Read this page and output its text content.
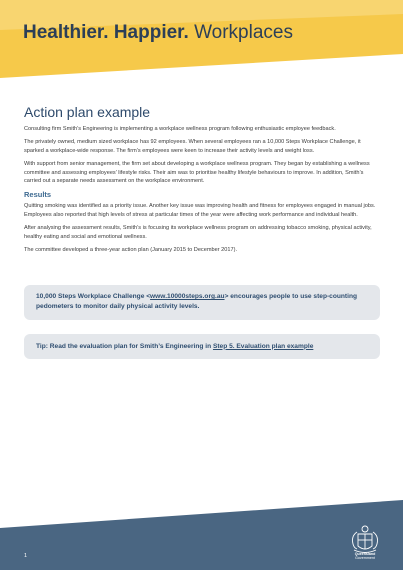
Healthier. Happier. Workplaces
Action plan example

Consulting firm Smith’s Engineering is implementing a workplace wellness program following enthusiastic employee feedback.

The privately owned, medium sized workplace has 92 employees. When several employees ran a 10,000 Steps Workplace Challenge, it sparked a workplace-wide response. The firm’s employees were keen to increase their activity levels and weight loss.

With support from senior management, the firm set about developing a workplace wellness program. They began by establishing a wellness committee and assessing employees’ lifestyle risks. Their aim was to prioritise healthy lifestyle behaviours to improve. In addition, Smith’s carried out a separate needs assessment on the workplace environment.

Results

Quitting smoking was identified as a priority issue. Another key issue was improving health and fitness for employees engaged in manual jobs. Employees also reported that high levels of stress at particular times of the year were affecting work performance and individual health.

After analysing the assessment results, Smith’s is focusing its workplace wellness program on addressing tobacco smoking, physical activity, healthy eating and social and emotional wellness.

The committee developed a three-year action plan (January 2015 to December 2017).

10,000 Steps Workplace Challenge <www.10000steps.org.au> encourages people to use step-counting pedometers to monitor daily physical activity levels.
Tip: Read the evaluation plan for Smith’s Engineering in Step 5. Evaluation plan example
1	Queensland
Government
